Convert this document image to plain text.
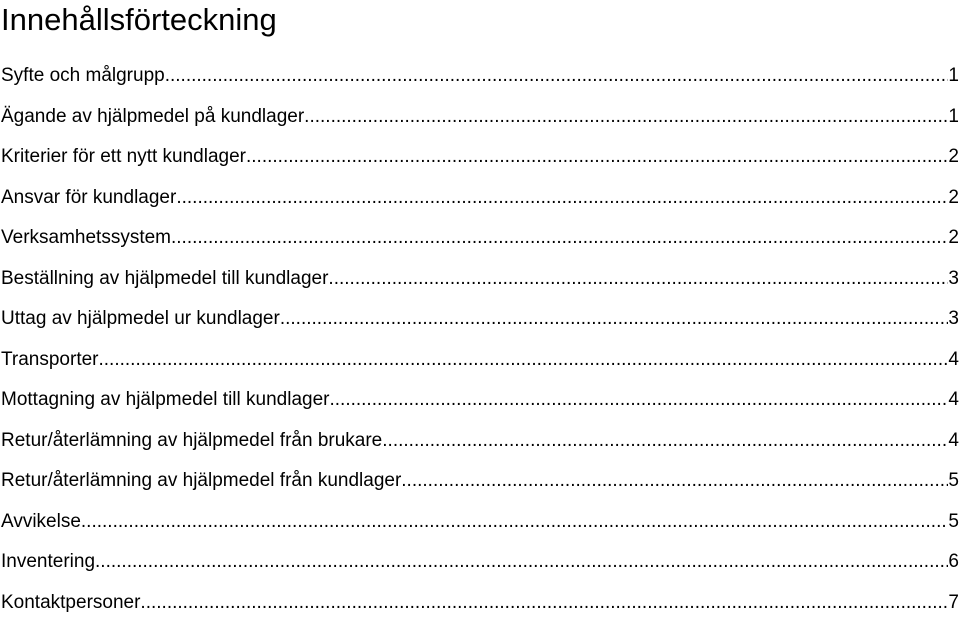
Innehållsförteckning
Syfte och målgrupp .....	1
Ägande av hjälpmedel på kundlager .....	1
Kriterier för ett nytt kundlager .....	2
Ansvar för kundlager .....	2
Verksamhetssystem .....	2
Beställning av hjälpmedel till kundlager .....	3
Uttag av hjälpmedel ur kundlager .....	3
Transporter .....	4
Mottagning av hjälpmedel till kundlager .....	4
Retur/återlämning av hjälpmedel från brukare .....	4
Retur/återlämning av hjälpmedel från kundlager .....	5
Avvikelse .....	5
Inventering .....	6
Kontaktpersoner .....	7
